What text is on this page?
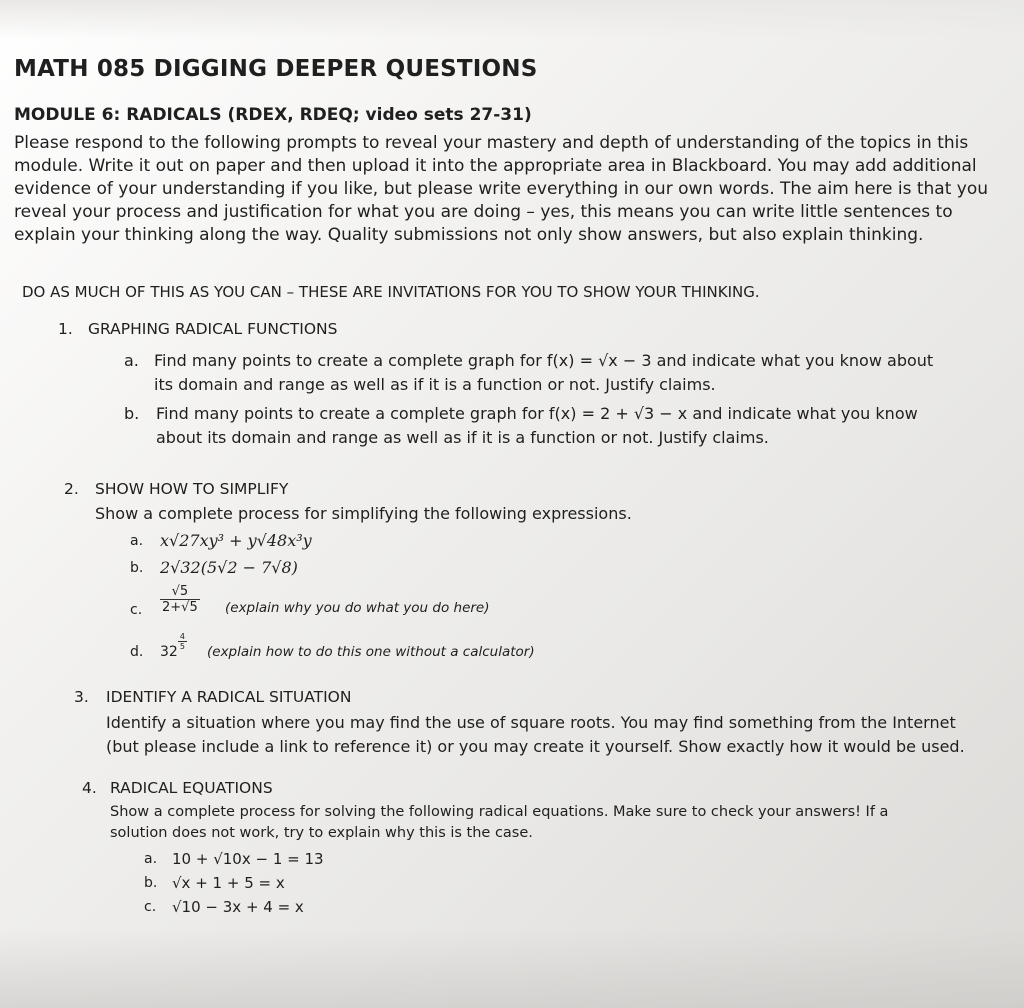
MATH 085 DIGGING DEEPER QUESTIONS
MODULE 6: RADICALS (RDEX, RDEQ; video sets 27-31)
Please respond to the following prompts to reveal your mastery and depth of understanding of the topics in this
module. Write it out on paper and then upload it into the appropriate area in Blackboard. You may add additional
evidence of your understanding if you like, but please write everything in our own words. The aim here is that you
reveal your process and justification for what you are doing – yes, this means you can write little sentences to
explain your thinking along the way. Quality submissions not only show answers, but also explain thinking.
DO AS MUCH OF THIS AS YOU CAN – THESE ARE INVITATIONS FOR YOU TO SHOW YOUR THINKING.
1. GRAPHING RADICAL FUNCTIONS
a. Find many points to create a complete graph for f(x) = √x − 3 and indicate what you know about
its domain and range as well as if it is a function or not. Justify claims.
b. Find many points to create a complete graph for f(x) = 2 + √3 − x and indicate what you know
about its domain and range as well as if it is a function or not. Justify claims.
2. SHOW HOW TO SIMPLIFY
Show a complete process for simplifying the following expressions.
a. x√27xy³ + y√48x³y
b. 2√32(5√2 − 7√8)
c. $\frac{√5}{2+√5}$ (explain why you do what you do here)
d. 32
$\frac{4}{5}$
(explain how to do this one without a calculator)
3. IDENTIFY A RADICAL SITUATION
Identify a situation where you may find the use of square roots. You may find something from the Internet
(but please include a link to reference it) or you may create it yourself. Show exactly how it would be used.
4. RADICAL EQUATIONS
Show a complete process for solving the following radical equations. Make sure to check your answers! If a
solution does not work, try to explain why this is the case.
a. 10 + √10x − 1 = 13
b. √x + 1 + 5 = x
c. √10 − 3x + 4 = x
